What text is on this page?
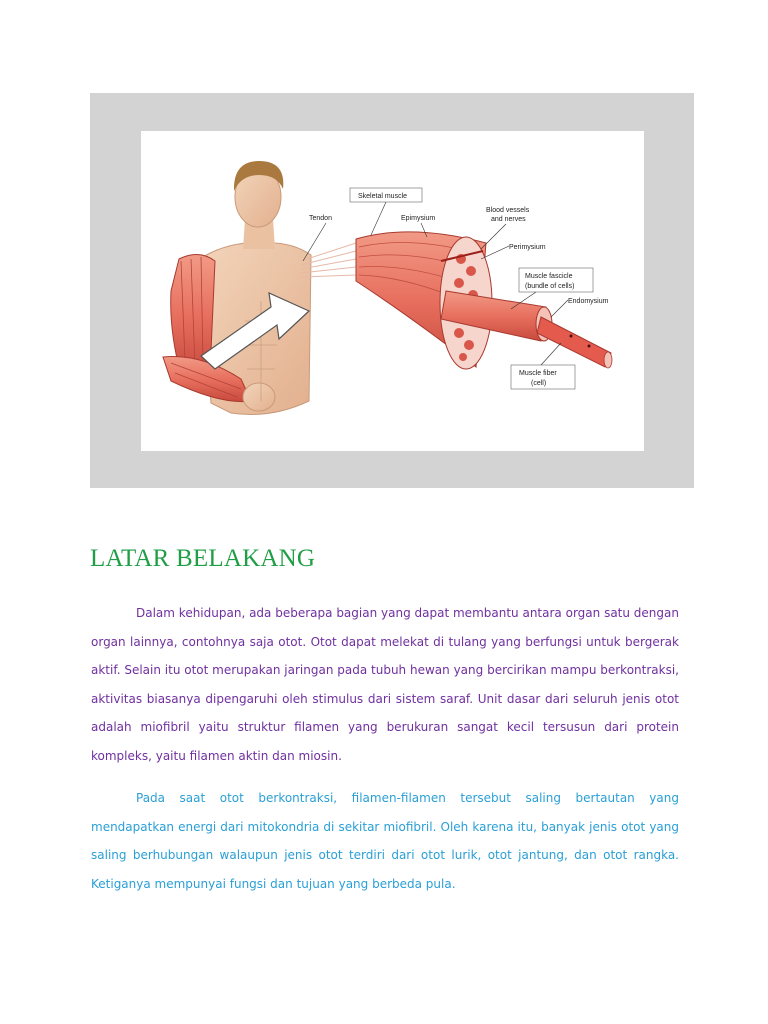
Skeletal muscle
Tendon	Epimysium
Blood vessels
and nerves
Perimysium
Muscle fascicle
(bundle of cells)
Endomysium
Muscle fiber
(cell)
LATAR BELAKANG

Dalam kehidupan, ada beberapa bagian yang dapat membantu antara organ satu dengan organ lainnya, contohnya saja otot. Otot dapat melekat di tulang yang berfungsi untuk bergerak aktif. Selain itu otot merupakan jaringan pada tubuh hewan yang bercirikan mampu berkontraksi, aktivitas biasanya dipengaruhi oleh stimulus dari sistem saraf. Unit dasar dari seluruh jenis otot adalah miofibril yaitu struktur filamen yang berukuran sangat kecil tersusun dari protein kompleks, yaitu filamen aktin dan miosin.

Pada saat otot berkontraksi, filamen-filamen tersebut saling bertautan yang mendapatkan energi dari mitokondria di sekitar miofibril. Oleh karena itu, banyak jenis otot yang saling berhubungan walaupun jenis otot terdiri dari otot lurik, otot jantung, dan otot rangka. Ketiganya mempunyai fungsi dan tujuan yang berbeda pula.
